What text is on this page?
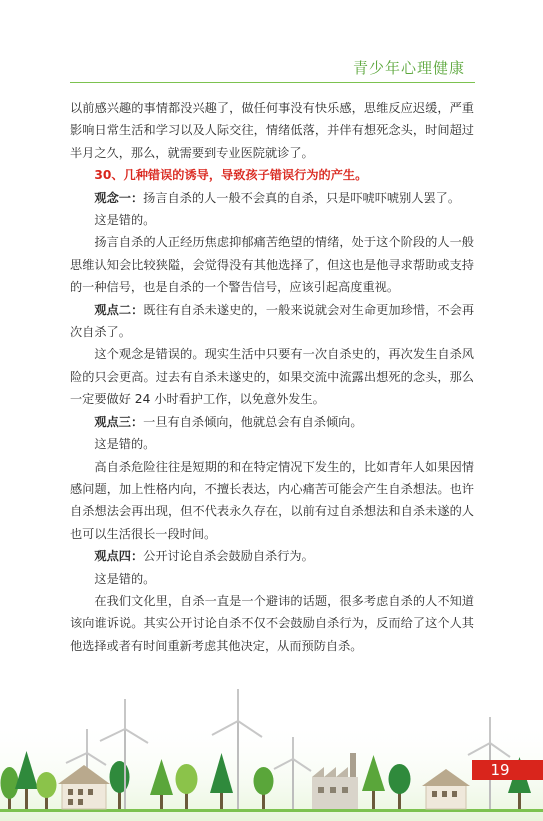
青少年心理健康

以前感兴趣的事情都没兴趣了，做任何事没有快乐感，思维反应迟缓，严重影响日常生活和学习以及人际交往，情绪低落，并伴有想死念头，时间超过半月之久，那么，就需要到专业医院就诊了。

30、几种错误的诱导，导致孩子错误行为的产生。

观念一：扬言自杀的人一般不会真的自杀，只是吓唬吓唬别人罢了。

这是错的。

扬言自杀的人正经历焦虑抑郁痛苦绝望的情绪，处于这个阶段的人一般思维认知会比较狭隘，会觉得没有其他选择了，但这也是他寻求帮助或支持的一种信号，也是自杀的一个警告信号，应该引起高度重视。

观点二：既往有自杀未遂史的，一般来说就会对生命更加珍惜，不会再次自杀了。

这个观念是错误的。现实生活中只要有一次自杀史的，再次发生自杀风险的只会更高。过去有自杀未遂史的，如果交流中流露出想死的念头，那么一定要做好 24 小时看护工作，以免意外发生。

观点三：一旦有自杀倾向，他就总会有自杀倾向。

这是错的。

高自杀危险往往是短期的和在特定情况下发生的，比如青年人如果因情感问题，加上性格内向，不擅长表达，内心痛苦可能会产生自杀想法。也许自杀想法会再出现，但不代表永久存在，以前有过自杀想法和自杀未遂的人也可以生活很长一段时间。

观点四：公开讨论自杀会鼓励自杀行为。

这是错的。

在我们文化里，自杀一直是一个避讳的话题，很多考虑自杀的人不知道该向谁诉说。其实公开讨论自杀不仅不会鼓励自杀行为，反而给了这个人其他选择或者有时间重新考虑其他决定，从而预防自杀。

19
